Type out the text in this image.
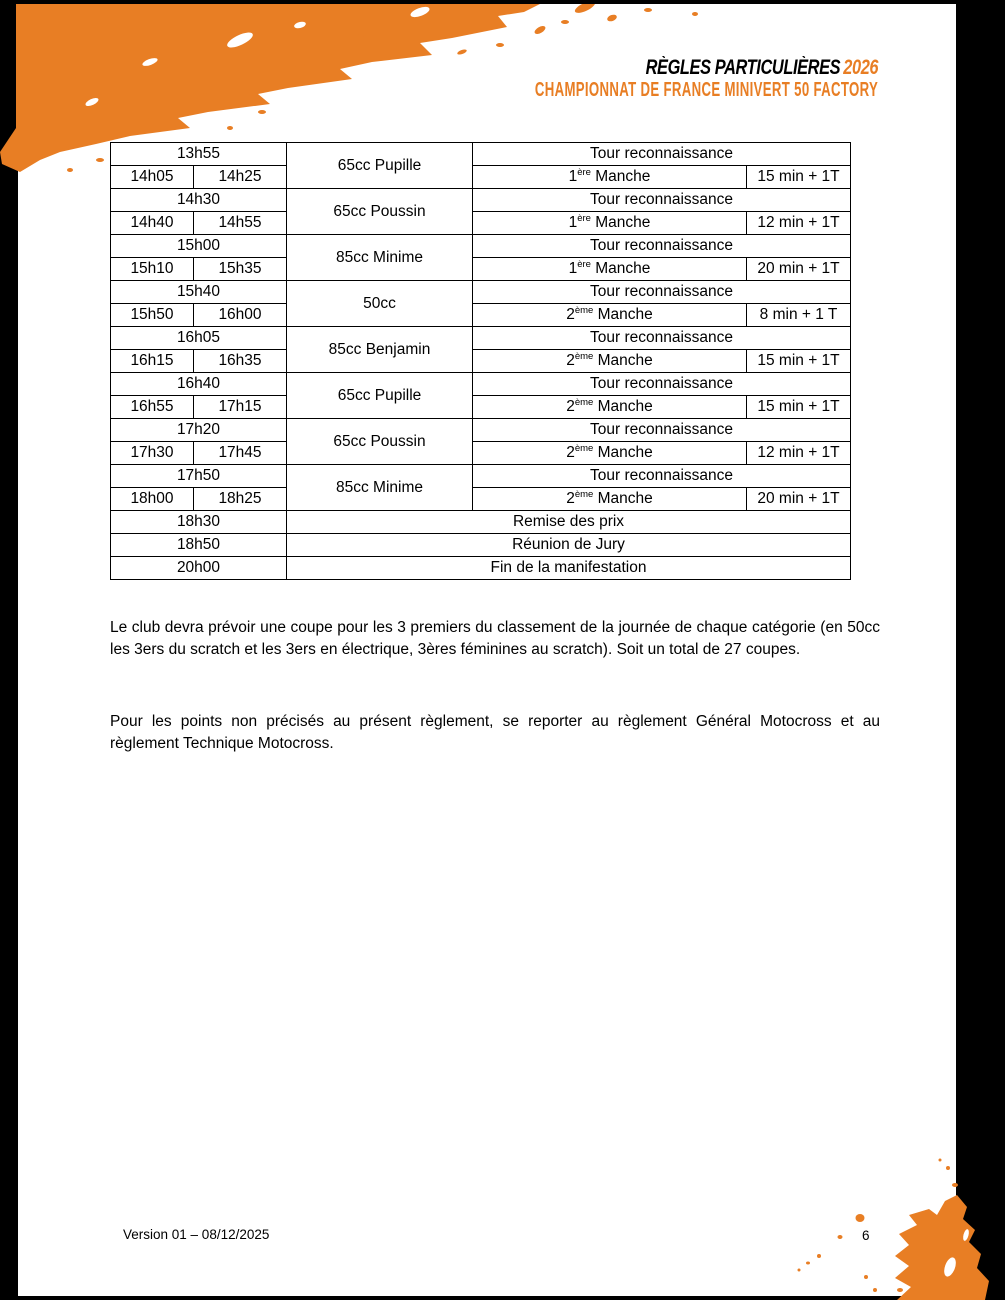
RÈGLES PARTICULIÈRES 2026
CHAMPIONNAT DE FRANCE MINIVERT 50 FACTORY
13h55		65cc Pupille	Tour reconnaissance	
14h05	14h25		1ère Manche	15 min + 1T
14h30		65cc Poussin	Tour reconnaissance	
14h40	14h55		1ère Manche	12 min + 1T
15h00		85cc Minime	Tour reconnaissance	
15h10	15h35		1ère Manche	20 min + 1T
15h40		50cc	Tour reconnaissance	
15h50	16h00		2ème Manche	8 min + 1 T
16h05		85cc Benjamin	Tour reconnaissance	
16h15	16h35		2ème Manche	15 min + 1T
16h40		65cc Pupille	Tour reconnaissance	
16h55	17h15		2ème Manche	15 min + 1T
17h20		65cc Poussin	Tour reconnaissance	
17h30	17h45		2ème Manche	12 min + 1T
17h50		85cc Minime	Tour reconnaissance	
18h00	18h25		2ème Manche	20 min + 1T
18h30		Remise des prix		
18h50		Réunion de Jury		
20h00		Fin de la manifestation		

Le club devra prévoir une coupe pour les 3 premiers du classement de la journée de chaque catégorie (en 50cc les 3ers du scratch et les 3ers en électrique, 3ères féminines au scratch). Soit un total de 27 coupes.

Pour les points non précisés au présent règlement, se reporter au règlement Général Motocross et au règlement Technique Motocross.

Version 01 – 08/12/2025	6
